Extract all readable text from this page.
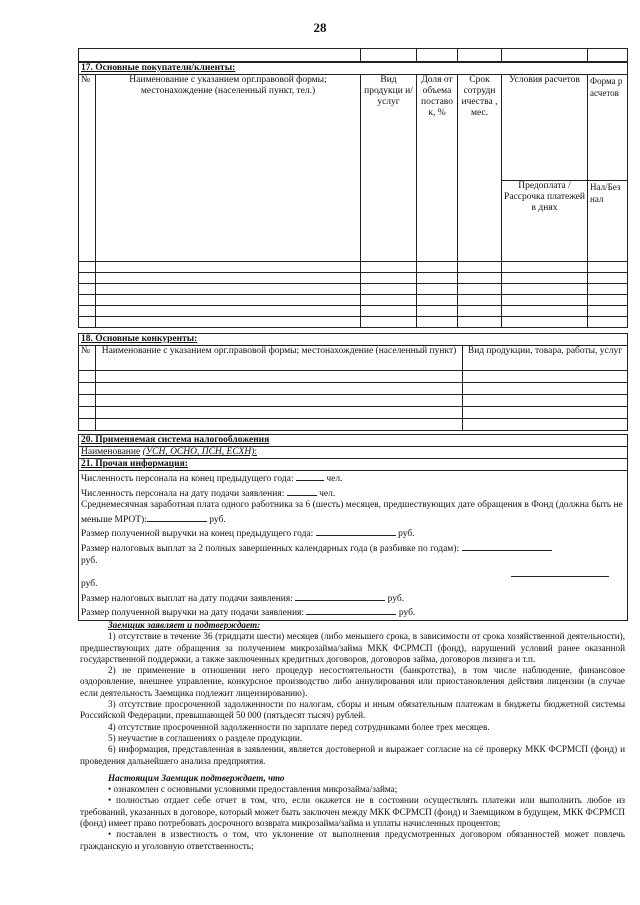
28

17. Основные покупатели/клиенты:						
№	Наименование с указанием орг.правовой формы; местонахождение (населенный пункт, тел.)	Вид продукци и/услуг	Доля от объема поставо к, %	Срок сотрудн ичества , мес.	Условия расчетов	Форма расчетов
					Предоплата / Рассрочка платежей в днях	Нал/Безнал

18. Основные конкуренты:		
№	Наименование с указанием орг.правовой формы; местонахождение (населенный пункт)	Вид продукции, товара, работы, услуг

20. Применяемая система налогообложения
Наименование (УСН, ОСНО, ПСН, ЕСХН):
21. Прочая информация:

Численность персонала на конец предыдущего года:	чел.
Численность персонала на дату подачи заявления:	чел.
Среднемесячная заработная плата одного работника за 6 (шесть) месяцев, предшествующих дате обращения в Фонд (должна быть не меньше МРОТ):	руб.
Размер полученной выручки на конец предыдущего года:	руб.
Размер налоговых выплат за 2 полных завершенных календарных года (в разбивке по годам):
руб.
руб.
Размер налоговых выплат на дату подачи заявления:	руб.
Размер полученной выручки на дату подачи заявления:	руб.

Заемщик заявляет и подтверждает:

1) отсутствие в течение 36 (тридцати шести) месяцев (либо меньшего срока, в зависимости от срока хозяйственной деятельности), предшествующих дате обращения за получением микрозайма/займа МКК ФСРМСП (фонд), нарушений условий ранее оказанной государственной поддержки, а также заключенных кредитных договоров, договоров займа, договоров лизинга и т.п.

2) не применение в отношении него процедур несостоятельности (банкротства), в том числе наблюдение, финансовое оздоровление, внешнее управление, конкурсное производство либо аннулирования или приостановления действия лицензии (в случае если деятельность Заемщика подлежит лицензированию).

3) отсутствие просроченной задолженности по налогам, сборы и иным обязательным платежам в бюджеты бюджетной системы Российской Федерации, превышающей 50 000 (пятьдесят тысяч) рублей.

4) отсутствие просроченной задолженности по зарплате перед сотрудниками более трех месяцев.

5) неучастие в соглашениях о разделе продукции.

6) информация, представленная в заявлении, является достоверной и выражает согласие на сё проверку МКК ФСРМСП (фонд) и проведения дальнейшего анализа предприятия.

Настоящим Заемщик подтверждает, что

• ознакомлен с основными условиями предоставления микрозайма/займа;

• полностью отдает себе отчет в том, что, если окажется не в состоянии осуществлять платежи или выполнить любое из требований, указанных в договоре, который может быть заключен между МКК ФСРМСП (фонд) и Заемщиком в будущем, МКК ФСРМСП (фонд) имеет право потребовать досрочного возврата микрозайма/займа и уплаты начисленных процентов;

• поставлен в известность о том, что уклонение от выполнения предусмотренных договором обязанностей может повлечь гражданскую и уголовную ответственность;
